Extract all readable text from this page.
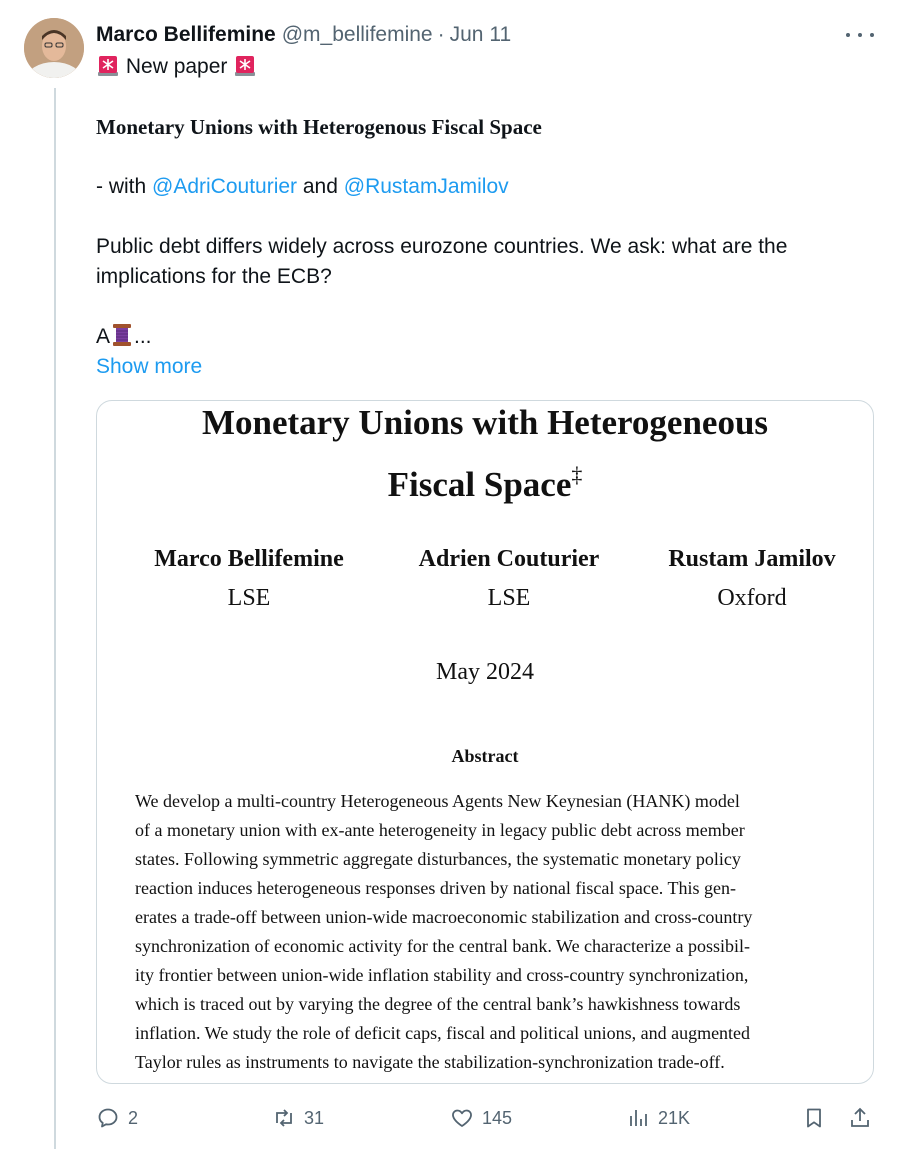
Marco Bellifemine @m_bellifemine · Jun 11
New paper
Monetary Unions with Heterogenous Fiscal Space
- with @AdriCouturier and @RustamJamilov
Public debt differs widely across eurozone countries. We ask: what are the
implications for the ECB?
A ...
Show more
Monetary Unions with Heterogeneous
Fiscal Space‡
Marco Bellifemine
LSE
Adrien Couturier
LSE
Rustam Jamilov
Oxford
May 2024
Abstract
We develop a multi-country Heterogeneous Agents New Keynesian (HANK) model
of a monetary union with ex-ante heterogeneity in legacy public debt across member
states. Following symmetric aggregate disturbances, the systematic monetary policy
reaction induces heterogeneous responses driven by national fiscal space. This gen-
erates a trade-off between union-wide macroeconomic stabilization and cross-country
synchronization of economic activity for the central bank. We characterize a possibil-
ity frontier between union-wide inflation stability and cross-country synchronization,
which is traced out by varying the degree of the central bank’s hawkishness towards
inflation. We study the role of deficit caps, fiscal and political unions, and augmented
Taylor rules as instruments to navigate the stabilization-synchronization trade-off.
2	31	145	21K
